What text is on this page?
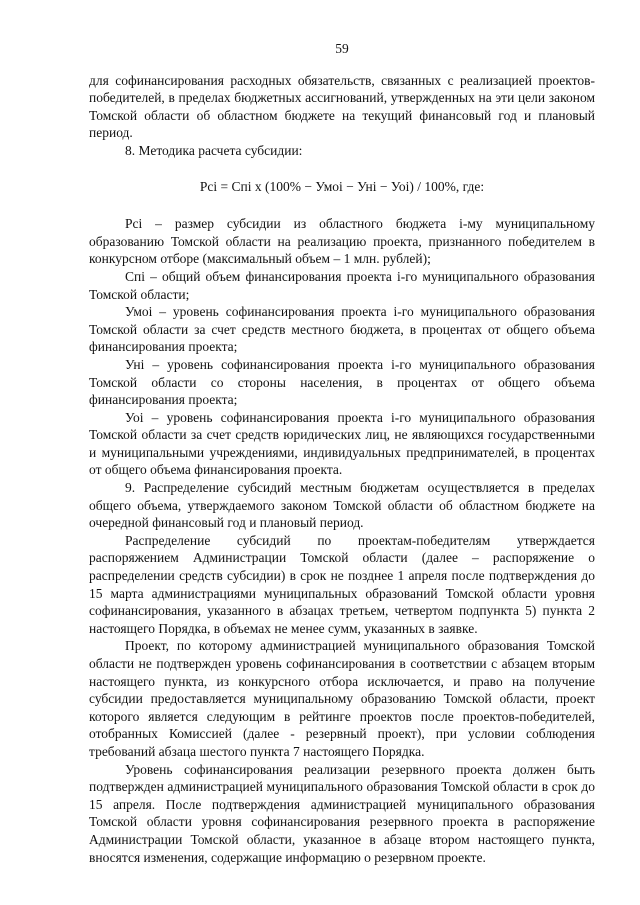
59

для софинансирования расходных обязательств, связанных с реализацией проектов-победителей, в пределах бюджетных ассигнований, утвержденных на эти цели законом Томской области об областном бюджете на текущий финансовый год и плановый период.

8. Методика расчета субсидии:

Рсі = Спі х (100% − Умоі − Уні − Уоі) / 100%, где:

Рсі – размер субсидии из областного бюджета і-му муниципальному образованию Томской области на реализацию проекта, признанного победителем в конкурсном отборе (максимальный объем – 1 млн. рублей);

Спі – общий объем финансирования проекта і-го муниципального образования Томской области;

Умоі – уровень софинансирования проекта і-го муниципального образования Томской области за счет средств местного бюджета, в процентах от общего объема финансирования проекта;

Уні – уровень софинансирования проекта і-го муниципального образования Томской области со стороны населения, в процентах от общего объема финансирования проекта;

Уоі – уровень софинансирования проекта і-го муниципального образования Томской области за счет средств юридических лиц, не являющихся государственными и муниципальными учреждениями, индивидуальных предпринимателей, в процентах от общего объема финансирования проекта.

9. Распределение субсидий местным бюджетам осуществляется в пределах общего объема, утверждаемого законом Томской области об областном бюджете на очередной финансовый год и плановый период.

Распределение субсидий по проектам-победителям утверждается распоряжением Администрации Томской области (далее – распоряжение о распределении средств субсидии) в срок не позднее 1 апреля после подтверждения до 15 марта администрациями муниципальных образований Томской области уровня софинансирования, указанного в абзацах третьем, четвертом подпункта 5) пункта 2 настоящего Порядка, в объемах не менее сумм, указанных в заявке.

Проект, по которому администрацией муниципального образования Томской области не подтвержден уровень софинансирования в соответствии с абзацем вторым настоящего пункта, из конкурсного отбора исключается, и право на получение субсидии предоставляется муниципальному образованию Томской области, проект которого является следующим в рейтинге проектов после проектов-победителей, отобранных Комиссией (далее - резервный проект), при условии соблюдения требований абзаца шестого пункта 7 настоящего Порядка.

Уровень софинансирования реализации резервного проекта должен быть подтвержден администрацией муниципального образования Томской области в срок до 15 апреля. После подтверждения администрацией муниципального образования Томской области уровня софинансирования резервного проекта в распоряжение Администрации Томской области, указанное в абзаце втором настоящего пункта, вносятся изменения, содержащие информацию о резервном проекте.
